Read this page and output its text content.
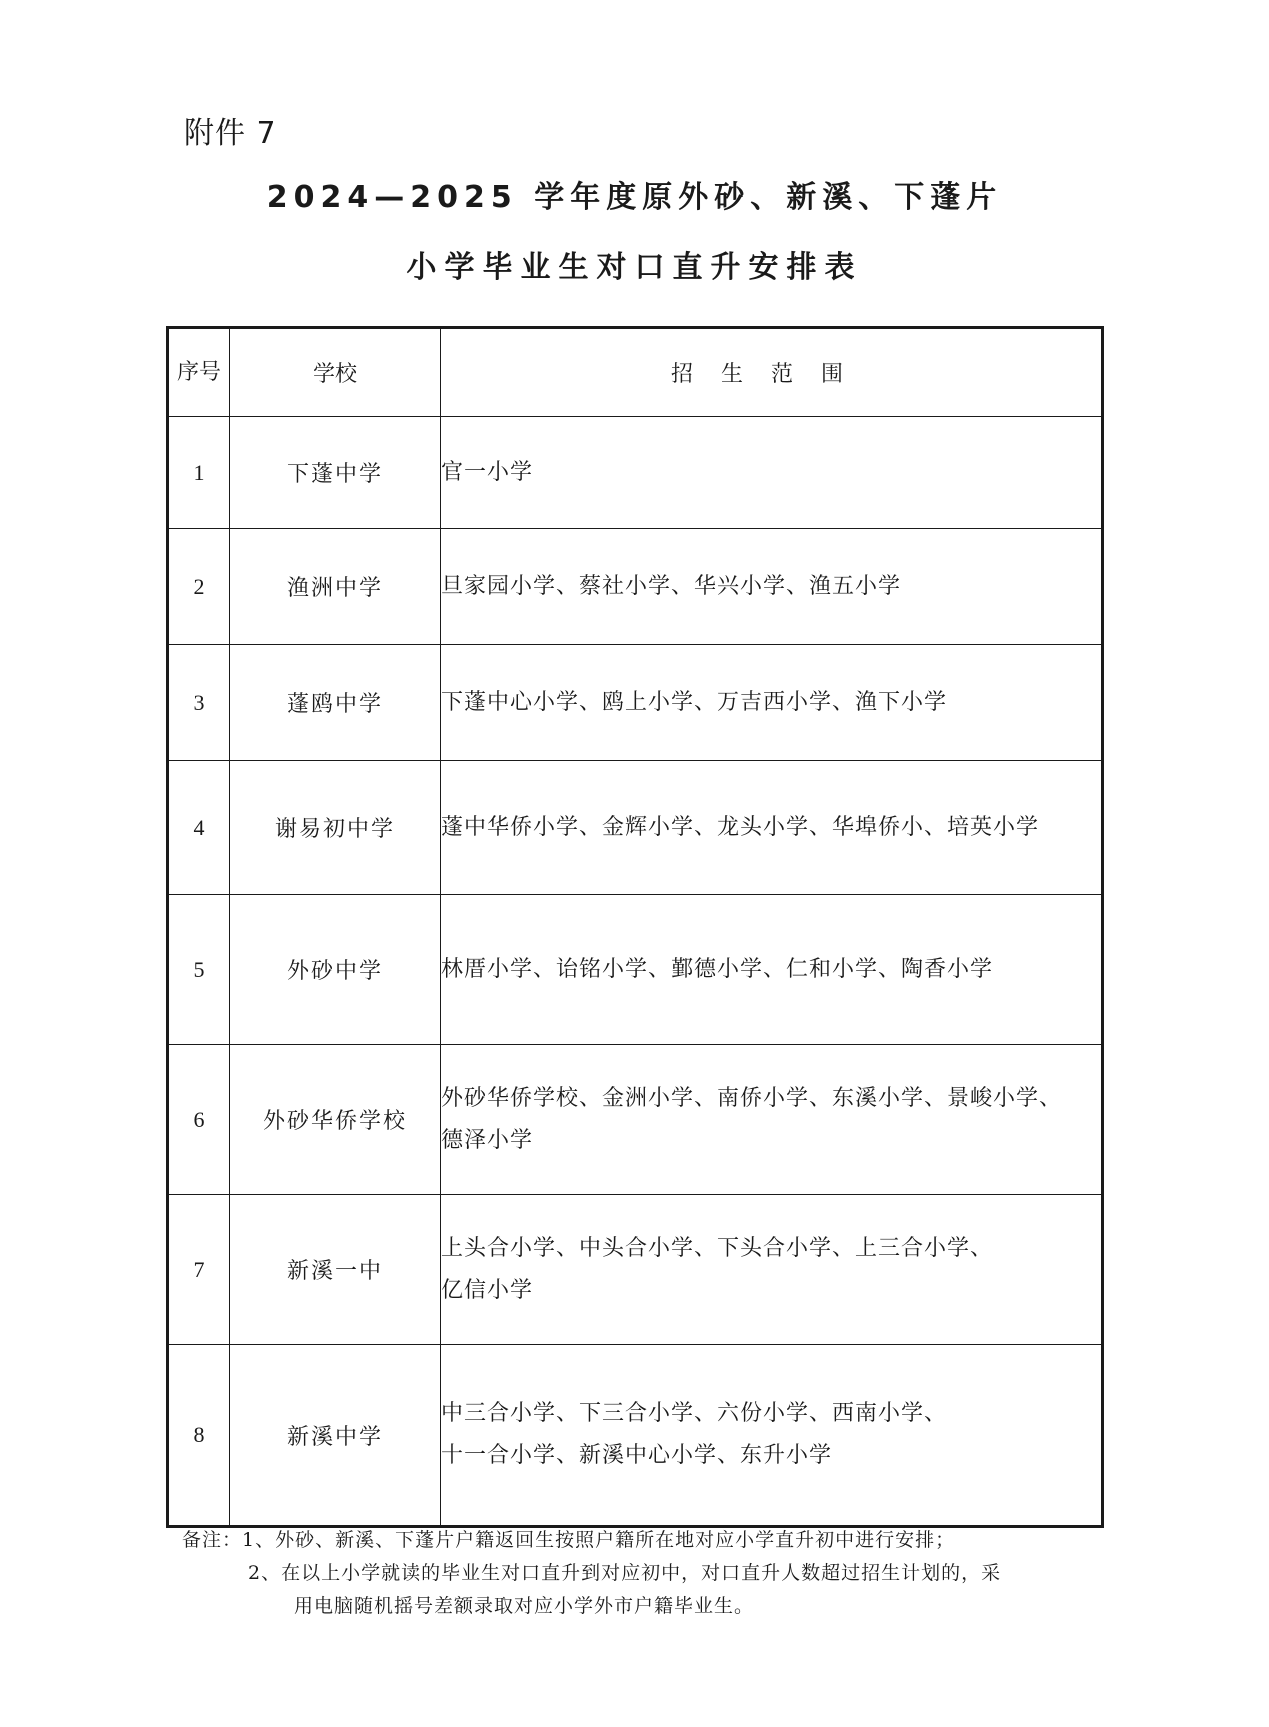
附件 7
2024—2025 学年度原外砂、新溪、下蓬片
小学毕业生对口直升安排表
序号	学校	招生范围
1	下蓬中学	官一小学

2	渔洲中学	旦家园小学、蔡社小学、华兴小学、渔五小学

3	蓬鸥中学	下蓬中心小学、鸥上小学、万吉西小学、渔下小学

4	谢易初中学	蓬中华侨小学、金辉小学、龙头小学、华埠侨小、培英小学

5	外砂中学	林厝小学、诒铭小学、鄞德小学、仁和小学、陶香小学

6	外砂华侨学校	外砂华侨学校、金洲小学、南侨小学、东溪小学、景峻小学、
德泽小学

7	新溪一中	上头合小学、中头合小学、下头合小学、上三合小学、
亿信小学

8	新溪中学	中三合小学、下三合小学、六份小学、西南小学、
十一合小学、新溪中心小学、东升小学
备注：1、外砂、新溪、下蓬片户籍返回生按照户籍所在地对应小学直升初中进行安排；
2、在以上小学就读的毕业生对口直升到对应初中，对口直升人数超过招生计划的，采
用电脑随机摇号差额录取对应小学外市户籍毕业生。
